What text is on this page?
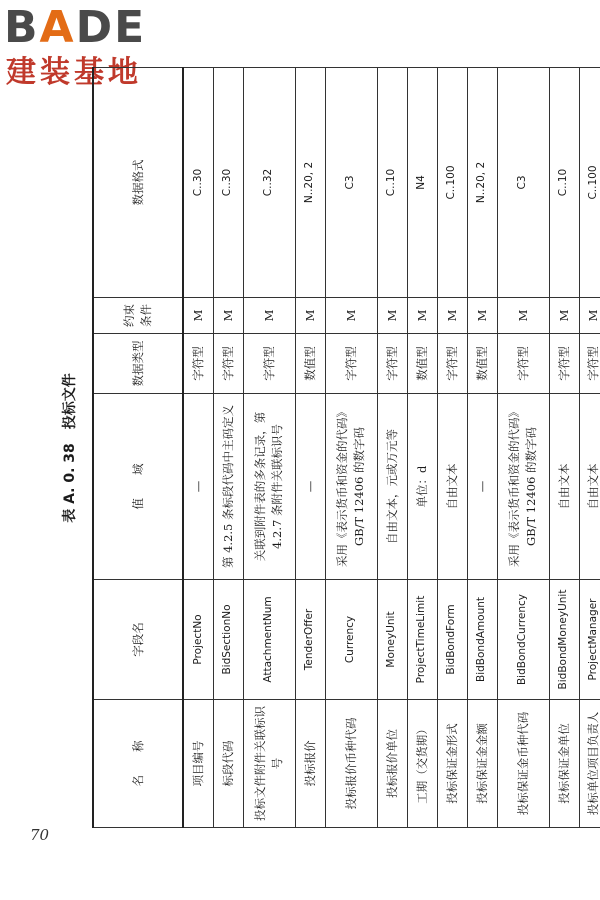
BADE
建装基地
表 A. 0. 38　投标文件
名　　称	字段名	值　　域	数据类型	约束条件	数据格式
项目编号	ProjectNo	—	字符型	M	C..30
标段代码	BidSectionNo	第 4.2.5 条标段代码中主码定义	字符型	M	C..30
投标文件附件关联标识号	AttachmentNum	关联到附件表的多条记录，第 4.2.7 条附件关联标识号	字符型	M	C..32
投标报价	TenderOffer	—	数值型	M	N..20, 2
投标报价币种代码	Currency	采用《表示货币和资金的代码》GB/T 12406 的数字码	字符型	M	C3
投标报价单位	MoneyUnit	自由文本，元或万元等	字符型	M	C..10
工期（交货期）	ProjectTimeLimit	单位：d	数值型	M	N4
投标保证金形式	BidBondForm	自由文本	字符型	M	C..100
投标保证金金额	BidBondAmount	—	数值型	M	N..20, 2
投标保证金币种代码	BidBondCurrency	采用《表示货币和资金的代码》GB/T 12406 的数字码	字符型	M	C3
投标保证金单位	BidBondMoneyUnit	自由文本	字符型	M	C..10
投标单位项目负责人	ProjectManager	自由文本	字符型	M	C..100
70
